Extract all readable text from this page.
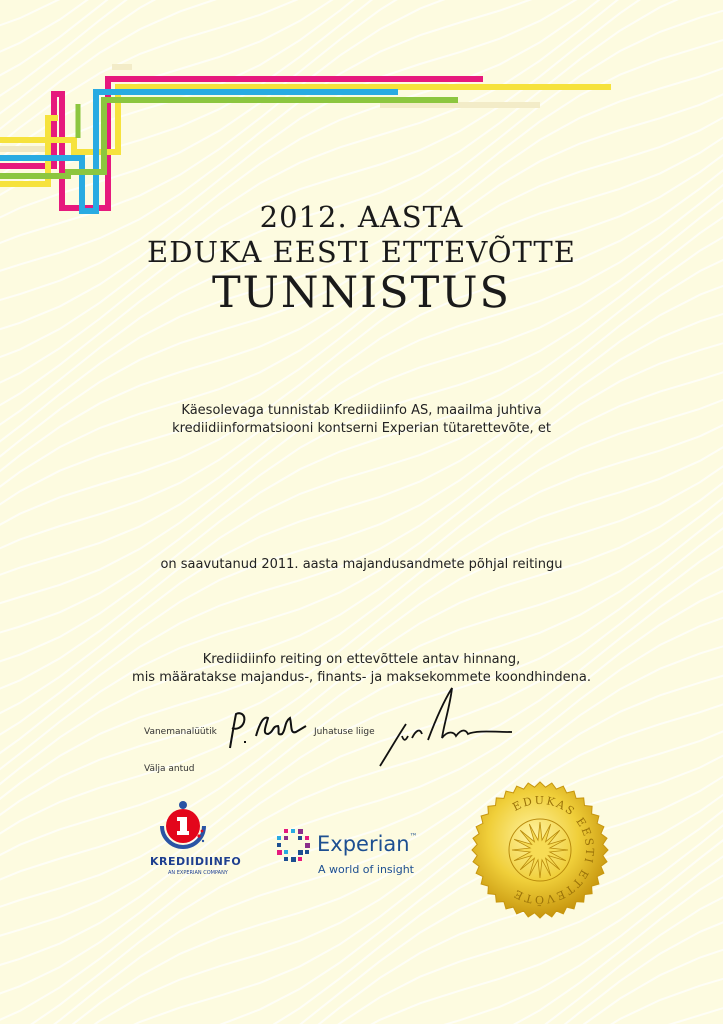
2012. AASTA
EDUKA EESTI ETTEVÕTTE
TUNNISTUS
Käesolevaga tunnistab Krediidiinfo AS, maailma juhtiva
krediidiinformatsiooni kontserni Experian tütarettevõte, et
on saavutanud 2011. aasta majandusandmete põhjal reitingu
Krediidiinfo reiting on ettevõttele antav hinnang,
mis määratakse majandus-, finants- ja maksekommete koondhindena.
Vanemanalüütik	Juhatuse liige
Välja antud
KREDIIDIINFO
AN EXPERIAN COMPANY
Experian™
A world of insight
EDUKAS EESTI ETTEVÕTE
